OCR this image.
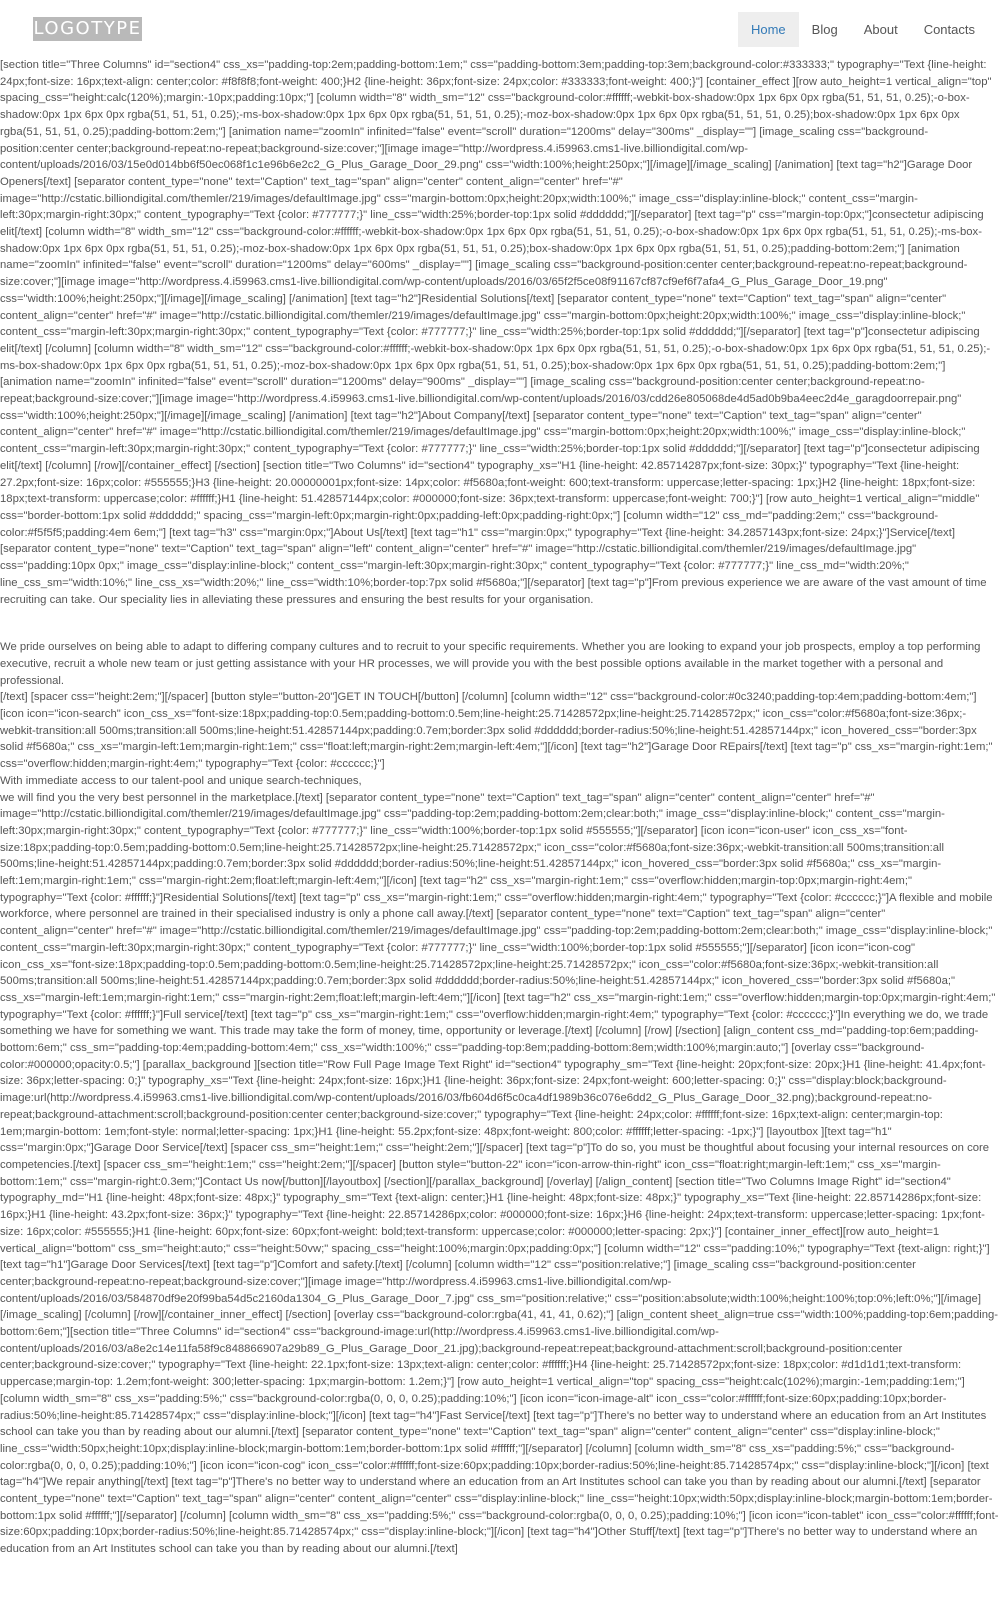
LOGOTYPE	Home	Blog	About	Contacts

[section title="Three Columns" id="section4" css_xs="padding-top:2em;padding-bottom:1em;" css="padding-bottom:3em;padding-top:3em;background-color:#333333;" typography="Text {line-height: 24px;font-size: 16px;text-align: center;color: #f8f8f8;font-weight: 400;}H2 {line-height: 36px;font-size: 24px;color: #333333;font-weight: 400;}"] [container_effect ][row auto_height=1 vertical_align="top" spacing_css="height:calc(120%);margin:-10px;padding:10px;"] [column width="8" width_sm="12" css="background-color:#ffffff;-webkit-box-shadow:0px 1px 6px 0px rgba(51, 51, 51, 0.25);-o-box-shadow:0px 1px 6px 0px rgba(51, 51, 51, 0.25);-ms-box-shadow:0px 1px 6px 0px rgba(51, 51, 51, 0.25);-moz-box-shadow:0px 1px 6px 0px rgba(51, 51, 51, 0.25);box-shadow:0px 1px 6px 0px rgba(51, 51, 51, 0.25);padding-bottom:2em;"] [animation name="zoomIn" infinited="false" event="scroll" duration="1200ms" delay="300ms" _display=""] [image_scaling css="background-position:center center;background-repeat:no-repeat;background-size:cover;"][image image="http://wordpress.4.i59963.cms1-live.billiondigital.com/wp-content/uploads/2016/03/15e0d014bb6f50ec068f1c1e96b6e2c2_G_Plus_Garage_Door_29.png" css="width:100%;height:250px;"][/image][/image_scaling] [/animation] [text tag="h2"]Garage Door Openers[/text] [separator content_type="none" text="Caption" text_tag="span" align="center" content_align="center" href="#" image="http://cstatic.billiondigital.com/themler/219/images/defaultImage.jpg" css="margin-bottom:0px;height:20px;width:100%;" image_css="display:inline-block;" content_css="margin-left:30px;margin-right:30px;" content_typography="Text {color: #777777;}" line_css="width:25%;border-top:1px solid #dddddd;"][/separator] [text tag="p" css="margin-top:0px;"]consectetur adipiscing elit[/text] [column width="8" width_sm="12" css="background-color:#ffffff;-webkit-box-shadow:0px 1px 6px 0px rgba(51, 51, 51, 0.25);-o-box-shadow:0px 1px 6px 0px rgba(51, 51, 51, 0.25);-ms-box-shadow:0px 1px 6px 0px rgba(51, 51, 51, 0.25);-moz-box-shadow:0px 1px 6px 0px rgba(51, 51, 51, 0.25);box-shadow:0px 1px 6px 0px rgba(51, 51, 51, 0.25);padding-bottom:2em;"] [animation name="zoomIn" infinited="false" event="scroll" duration="1200ms" delay="600ms" _display=""] [image_scaling css="background-position:center center;background-repeat:no-repeat;background-size:cover;"][image image="http://wordpress.4.i59963.cms1-live.billiondigital.com/wp-content/uploads/2016/03/65f2f5ce08f91167cf87cf9ef6f7afa4_G_Plus_Garage_Door_19.png" css="width:100%;height:250px;"][/image][/image_scaling] [/animation] [text tag="h2"]Residential Solutions[/text] [separator content_type="none" text="Caption" text_tag="span" align="center" content_align="center" href="#" image="http://cstatic.billiondigital.com/themler/219/images/defaultImage.jpg" css="margin-bottom:0px;height:20px;width:100%;" image_css="display:inline-block;" content_css="margin-left:30px;margin-right:30px;" content_typography="Text {color: #777777;}" line_css="width:25%;border-top:1px solid #dddddd;"][/separator] [text tag="p"]consectetur adipiscing elit[/text] [/column] [column width="8" width_sm="12" css="background-color:#ffffff;-webkit-box-shadow:0px 1px 6px 0px rgba(51, 51, 51, 0.25);-o-box-shadow:0px 1px 6px 0px rgba(51, 51, 51, 0.25);-ms-box-shadow:0px 1px 6px 0px rgba(51, 51, 51, 0.25);-moz-box-shadow:0px 1px 6px 0px rgba(51, 51, 51, 0.25);box-shadow:0px 1px 6px 0px rgba(51, 51, 51, 0.25);padding-bottom:2em;"] [animation name="zoomIn" infinited="false" event="scroll" duration="1200ms" delay="900ms" _display=""] [image_scaling css="background-position:center center;background-repeat:no-repeat;background-size:cover;"][image image="http://wordpress.4.i59963.cms1-live.billiondigital.com/wp-content/uploads/2016/03/cdd26e805068de4d5ad0b9ba4eec2d4e_garagdoorrepair.png" css="width:100%;height:250px;"][/image][/image_scaling] [/animation] [text tag="h2"]About Company[/text] [separator content_type="none" text="Caption" text_tag="span" align="center" content_align="center" href="#" image="http://cstatic.billiondigital.com/themler/219/images/defaultImage.jpg" css="margin-bottom:0px;height:20px;width:100%;" image_css="display:inline-block;" content_css="margin-left:30px;margin-right:30px;" content_typography="Text {color: #777777;}" line_css="width:25%;border-top:1px solid #dddddd;"][/separator] [text tag="p"]consectetur adipiscing elit[/text] [/column] [/row][/container_effect] [/section] [section title="Two Columns" id="section4" typography_xs="H1 {line-height: 42.85714287px;font-size: 30px;}" typography="Text {line-height: 27.2px;font-size: 16px;color: #555555;}H3 {line-height: 20.00000001px;font-size: 14px;color: #f5680a;font-weight: 600;text-transform: uppercase;letter-spacing: 1px;}H2 {line-height: 18px;font-size: 18px;text-transform: uppercase;color: #ffffff;}H1 {line-height: 51.42857144px;color: #000000;font-size: 36px;text-transform: uppercase;font-weight: 700;}"] [row auto_height=1 vertical_align="middle" css="border-bottom:1px solid #dddddd;" spacing_css="margin-left:0px;margin-right:0px;padding-left:0px;padding-right:0px;"] [column width="12" css_md="padding:2em;" css="background-color:#f5f5f5;padding:4em 6em;"] [text tag="h3" css="margin:0px;"]About Us[/text] [text tag="h1" css="margin:0px;" typography="Text {line-height: 34.2857143px;font-size: 24px;}"]Service[/text] [separator content_type="none" text="Caption" text_tag="span" align="left" content_align="center" href="#" image="http://cstatic.billiondigital.com/themler/219/images/defaultImage.jpg" css="padding:10px 0px;" image_css="display:inline-block;" content_css="margin-left:30px;margin-right:30px;" content_typography="Text {color: #777777;}" line_css_md="width:20%;" line_css_sm="width:10%;" line_css_xs="width:20%;" line_css="width:10%;border-top:7px solid #f5680a;"][/separator] [text tag="p"]From previous experience we are aware of the vast amount of time recruiting can take. Our speciality lies in alleviating these pressures and ensuring the best results for your organisation.

We pride ourselves on being able to adapt to differing company cultures and to recruit to your specific requirements. Whether you are looking to expand your job prospects, employ a top performing executive, recruit a whole new team or just getting assistance with your HR processes, we will provide you with the best possible options available in the market together with a personal and professional.
[/text] [spacer css="height:2em;"][/spacer] [button style="button-20"]GET IN TOUCH[/button] [/column] [column width="12" css="background-color:#0c3240;padding-top:4em;padding-bottom:4em;"] [icon icon="icon-search" icon_css_xs="font-size:18px;padding-top:0.5em;padding-bottom:0.5em;line-height:25.71428572px;line-height:25.71428572px;" icon_css="color:#f5680a;font-size:36px;-webkit-transition:all 500ms;transition:all 500ms;line-height:51.42857144px;padding:0.7em;border:3px solid #dddddd;border-radius:50%;line-height:51.42857144px;" icon_hovered_css="border:3px solid #f5680a;" css_xs="margin-left:1em;margin-right:1em;" css="float:left;margin-right:2em;margin-left:4em;"][/icon] [text tag="h2"]Garage Door REpairs[/text] [text tag="p" css_xs="margin-right:1em;" css="overflow:hidden;margin-right:4em;" typography="Text {color: #cccccc;}"]
With immediate access to our talent-pool and unique search-techniques,
we will find you the very best personnel in the marketplace.[/text] [separator content_type="none" text="Caption" text_tag="span" align="center" content_align="center" href="#" image="http://cstatic.billiondigital.com/themler/219/images/defaultImage.jpg" css="padding-top:2em;padding-bottom:2em;clear:both;" image_css="display:inline-block;" content_css="margin-left:30px;margin-right:30px;" content_typography="Text {color: #777777;}" line_css="width:100%;border-top:1px solid #555555;"][/separator] [icon icon="icon-user" icon_css_xs="font-size:18px;padding-top:0.5em;padding-bottom:0.5em;line-height:25.71428572px;line-height:25.71428572px;" icon_css="color:#f5680a;font-size:36px;-webkit-transition:all 500ms;transition:all 500ms;line-height:51.42857144px;padding:0.7em;border:3px solid #dddddd;border-radius:50%;line-height:51.42857144px;" icon_hovered_css="border:3px solid #f5680a;" css_xs="margin-left:1em;margin-right:1em;" css="margin-right:2em;float:left;margin-left:4em;"][/icon] [text tag="h2" css_xs="margin-right:1em;" css="overflow:hidden;margin-top:0px;margin-right:4em;" typography="Text {color: #ffffff;}"]Residential Solutions[/text] [text tag="p" css_xs="margin-right:1em;" css="overflow:hidden;margin-right:4em;" typography="Text {color: #cccccc;}"]A flexible and mobile workforce, where personnel are trained in their specialised industry is only a phone call away.[/text] [separator content_type="none" text="Caption" text_tag="span" align="center" content_align="center" href="#" image="http://cstatic.billiondigital.com/themler/219/images/defaultImage.jpg" css="padding-top:2em;padding-bottom:2em;clear:both;" image_css="display:inline-block;" content_css="margin-left:30px;margin-right:30px;" content_typography="Text {color: #777777;}" line_css="width:100%;border-top:1px solid #555555;"][/separator] [icon icon="icon-cog" icon_css_xs="font-size:18px;padding-top:0.5em;padding-bottom:0.5em;line-height:25.71428572px;line-height:25.71428572px;" icon_css="color:#f5680a;font-size:36px;-webkit-transition:all 500ms;transition:all 500ms;line-height:51.42857144px;padding:0.7em;border:3px solid #dddddd;border-radius:50%;line-height:51.42857144px;" icon_hovered_css="border:3px solid #f5680a;" css_xs="margin-left:1em;margin-right:1em;" css="margin-right:2em;float:left;margin-left:4em;"][/icon] [text tag="h2" css_xs="margin-right:1em;" css="overflow:hidden;margin-top:0px;margin-right:4em;" typography="Text {color: #ffffff;}"]Full service[/text] [text tag="p" css_xs="margin-right:1em;" css="overflow:hidden;margin-right:4em;" typography="Text {color: #cccccc;}"]In everything we do, we trade something we have for something we want. This trade may take the form of money, time, opportunity or leverage.[/text] [/column] [/row] [/section] [align_content css_md="padding-top:6em;padding-bottom:6em;" css_sm="padding-top:4em;padding-bottom:4em;" css_xs="width:100%;" css="padding-top:8em;padding-bottom:8em;width:100%;margin:auto;"] [overlay css="background-color:#000000;opacity:0.5;"] [parallax_background ][section title="Row Full Page Image Text Right" id="section4" typography_sm="Text {line-height: 20px;font-size: 20px;}H1 {line-height: 41.4px;font-size: 36px;letter-spacing: 0;}" typography_xs="Text {line-height: 24px;font-size: 16px;}H1 {line-height: 36px;font-size: 24px;font-weight: 600;letter-spacing: 0;}" css="display:block;background-image:url(http://wordpress.4.i59963.cms1-live.billiondigital.com/wp-content/uploads/2016/03/fb604d6f5c0ca4df1989b36c076e6dd2_G_Plus_Garage_Door_32.png);background-repeat:no-repeat;background-attachment:scroll;background-position:center center;background-size:cover;" typography="Text {line-height: 24px;color: #ffffff;font-size: 16px;text-align: center;margin-top: 1em;margin-bottom: 1em;font-style: normal;letter-spacing: 1px;}H1 {line-height: 55.2px;font-size: 48px;font-weight: 800;color: #ffffff;letter-spacing: -1px;}"] [layoutbox ][text tag="h1" css="margin:0px;"]Garage Door Service[/text] [spacer css_sm="height:1em;" css="height:2em;"][/spacer] [text tag="p"]To do so, you must be thoughtful about focusing your internal resources on core competencies.[/text] [spacer css_sm="height:1em;" css="height:2em;"][/spacer] [button style="button-22" icon="icon-arrow-thin-right" icon_css="float:right;margin-left:1em;" css_xs="margin-bottom:1em;" css="margin-right:0.3em;"]Contact Us now[/button][/layoutbox] [/section][/parallax_background] [/overlay] [/align_content] [section title="Two Columns Image Right" id="section4" typography_md="H1 {line-height: 48px;font-size: 48px;}" typography_sm="Text {text-align: center;}H1 {line-height: 48px;font-size: 48px;}" typography_xs="Text {line-height: 22.85714286px;font-size: 16px;}H1 {line-height: 43.2px;font-size: 36px;}" typography="Text {line-height: 22.85714286px;color: #000000;font-size: 16px;}H6 {line-height: 24px;text-transform: uppercase;letter-spacing: 1px;font-size: 16px;color: #555555;}H1 {line-height: 60px;font-size: 60px;font-weight: bold;text-transform: uppercase;color: #000000;letter-spacing: 2px;}"] [container_inner_effect][row auto_height=1 vertical_align="bottom" css_sm="height:auto;" css="height:50vw;" spacing_css="height:100%;margin:0px;padding:0px;"] [column width="12" css="padding:10%;" typography="Text {text-align: right;}"] [text tag="h1"]Garage Door Services[/text] [text tag="p"]Comfort and safety.[/text] [/column] [column width="12" css="position:relative;"] [image_scaling css="background-position:center center;background-repeat:no-repeat;background-size:cover;"][image image="http://wordpress.4.i59963.cms1-live.billiondigital.com/wp-content/uploads/2016/03/584870df9e20f99ba54d5c2160da1304_G_Plus_Garage_Door_7.jpg" css_sm="position:relative;" css="position:absolute;width:100%;height:100%;top:0%;left:0%;"][/image][/image_scaling] [/column] [/row][/container_inner_effect] [/section] [overlay css="background-color:rgba(41, 41, 41, 0.62);"] [align_content sheet_align=true css="width:100%;padding-top:6em;padding-bottom:6em;"][section title="Three Columns" id="section4" css="background-image:url(http://wordpress.4.i59963.cms1-live.billiondigital.com/wp-content/uploads/2016/03/a8e2c14e11fa58f9c848866907a29b89_G_Plus_Garage_Door_21.jpg);background-repeat:repeat;background-attachment:scroll;background-position:center center;background-size:cover;" typography="Text {line-height: 22.1px;font-size: 13px;text-align: center;color: #ffffff;}H4 {line-height: 25.71428572px;font-size: 18px;color: #d1d1d1;text-transform: uppercase;margin-top: 1.2em;font-weight: 300;letter-spacing: 1px;margin-bottom: 1.2em;}"] [row auto_height=1 vertical_align="top" spacing_css="height:calc(102%);margin:-1em;padding:1em;"] [column width_sm="8" css_xs="padding:5%;" css="background-color:rgba(0, 0, 0, 0.25);padding:10%;"] [icon icon="icon-image-alt" icon_css="color:#ffffff;font-size:60px;padding:10px;border-radius:50%;line-height:85.71428574px;" css="display:inline-block;"][/icon] [text tag="h4"]Fast Service[/text] [text tag="p"]There's no better way to understand where an education from an Art Institutes school can take you than by reading about our alumni.[/text] [separator content_type="none" text="Caption" text_tag="span" align="center" content_align="center" css="display:inline-block;" line_css="width:50px;height:10px;display:inline-block;margin-bottom:1em;border-bottom:1px solid #ffffff;"][/separator] [/column] [column width_sm="8" css_xs="padding:5%;" css="background-color:rgba(0, 0, 0, 0.25);padding:10%;"] [icon icon="icon-cog" icon_css="color:#ffffff;font-size:60px;padding:10px;border-radius:50%;line-height:85.71428574px;" css="display:inline-block;"][/icon] [text tag="h4"]We repair anything[/text] [text tag="p"]There's no better way to understand where an education from an Art Institutes school can take you than by reading about our alumni.[/text] [separator content_type="none" text="Caption" text_tag="span" align="center" content_align="center" css="display:inline-block;" line_css="height:10px;width:50px;display:inline-block;margin-bottom:1em;border-bottom:1px solid #ffffff;"][/separator] [/column] [column width_sm="8" css_xs="padding:5%;" css="background-color:rgba(0, 0, 0, 0.25);padding:10%;"] [icon icon="icon-tablet" icon_css="color:#ffffff;font-size:60px;padding:10px;border-radius:50%;line-height:85.71428574px;" css="display:inline-block;"][/icon] [text tag="h4"]Other Stuff[/text] [text tag="p"]There's no better way to understand where an education from an Art Institutes school can take you than by reading about our alumni.[/text]
